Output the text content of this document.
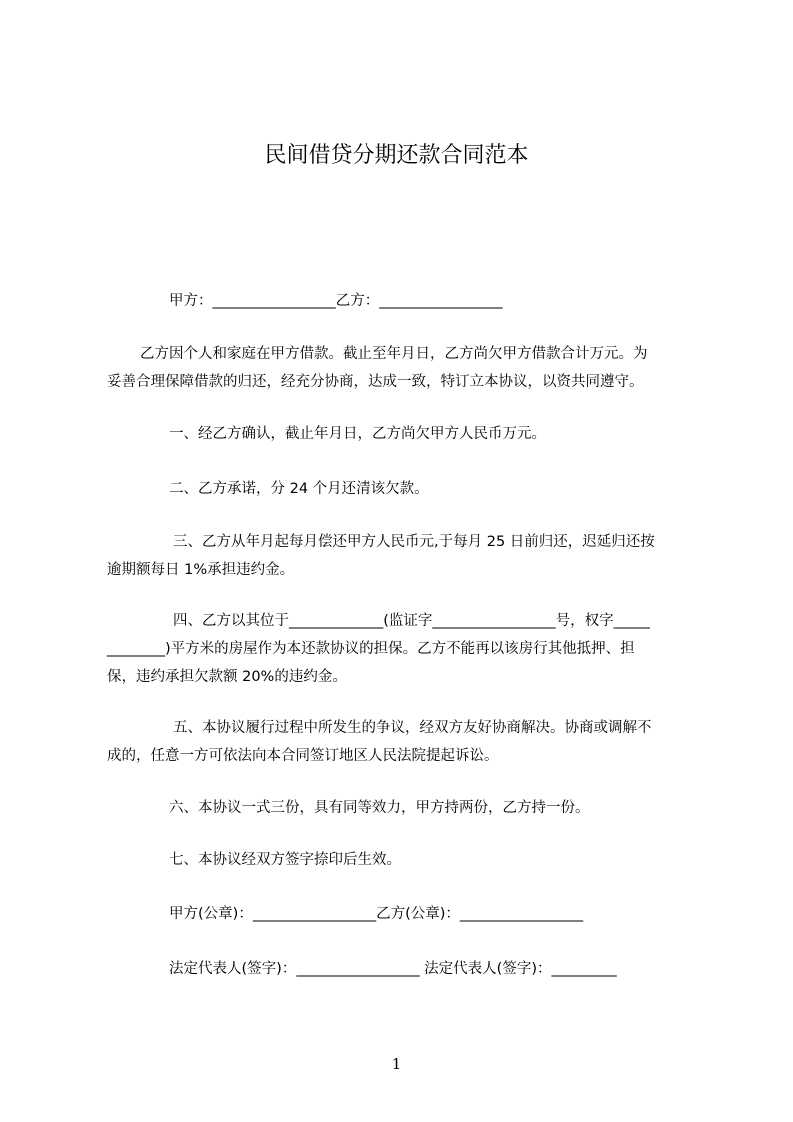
民间借贷分期还款合同范本
甲方：_________________乙方：_________________
乙方因个人和家庭在甲方借款。截止至年月日，乙方尚欠甲方借款合计万元。为
妥善合理保障借款的归还，经充分协商，达成一致，特订立本协议，以资共同遵守。
一、经乙方确认，截止年月日，乙方尚欠甲方人民币万元。
二、乙方承诺，分 24 个月还清该欠款。
三、乙方从年月起每月偿还甲方人民币元,于每月 25 日前归还，迟延归还按
逾期额每日 1%承担违约金。
四、乙方以其位于_____________(监证字_________________号，权字_____
________)平方米的房屋作为本还款协议的担保。乙方不能再以该房行其他抵押、担
保，违约承担欠款额 20%的违约金。
五、本协议履行过程中所发生的争议，经双方友好协商解决。协商或调解不
成的，任意一方可依法向本合同签订地区人民法院提起诉讼。
六、本协议一式三份，具有同等效力，甲方持两份，乙方持一份。
七、本协议经双方签字捺印后生效。
甲方(公章)：_________________乙方(公章)：_________________
法定代表人(签字)：_________________ 法定代表人(签字)：_________
1
